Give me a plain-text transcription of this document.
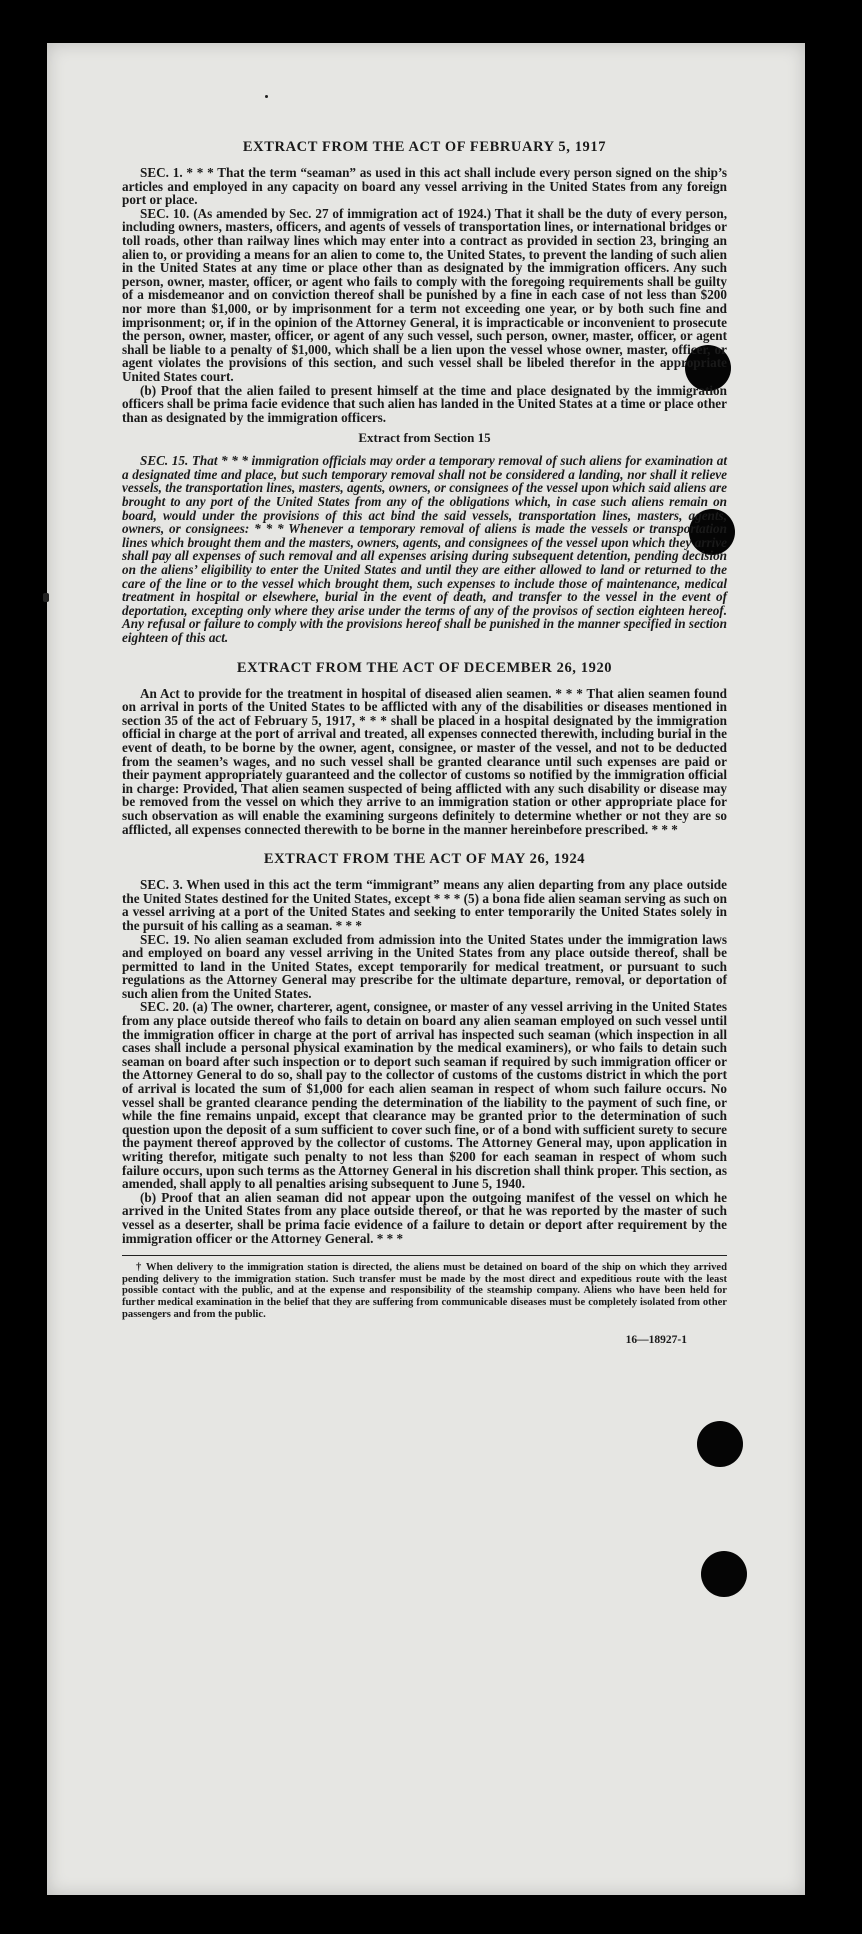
EXTRACT FROM THE ACT OF FEBRUARY 5, 1917

SEC. 1. * * * That the term “seaman” as used in this act shall include every person signed on the ship’s articles and employed in any capacity on board any vessel arriving in the United States from any foreign port or place.

SEC. 10. (As amended by Sec. 27 of immigration act of 1924.) That it shall be the duty of every person, including owners, masters, officers, and agents of vessels of transportation lines, or international bridges or toll roads, other than railway lines which may enter into a contract as provided in section 23, bringing an alien to, or providing a means for an alien to come to, the United States, to prevent the landing of such alien in the United States at any time or place other than as designated by the immigration officers. Any such person, owner, master, officer, or agent who fails to comply with the foregoing requirements shall be guilty of a misdemeanor and on conviction thereof shall be punished by a fine in each case of not less than $200 nor more than $1,000, or by imprisonment for a term not exceeding one year, or by both such fine and imprisonment; or, if in the opinion of the Attorney General, it is impracticable or inconvenient to prosecute the person, owner, master, officer, or agent of any such vessel, such person, owner, master, officer, or agent shall be liable to a penalty of $1,000, which shall be a lien upon the vessel whose owner, master, officer, or agent violates the provisions of this section, and such vessel shall be libeled therefor in the appropriate United States court.

(b) Proof that the alien failed to present himself at the time and place designated by the immigration officers shall be prima facie evidence that such alien has landed in the United States at a time or place other than as designated by the immigration officers.

Extract from Section 15

SEC. 15. That * * * immigration officials may order a temporary removal of such aliens for examination at a designated time and place, but such temporary removal shall not be considered a landing, nor shall it relieve vessels, the transportation lines, masters, agents, owners, or consignees of the vessel upon which said aliens are brought to any port of the United States from any of the obligations which, in case such aliens remain on board, would under the provisions of this act bind the said vessels, transportation lines, masters, agents, owners, or consignees: * * * Whenever a temporary removal of aliens is made the vessels or transportation lines which brought them and the masters, owners, agents, and consignees of the vessel upon which they arrive shall pay all expenses of such removal and all expenses arising during subsequent detention, pending decision on the aliens’ eligibility to enter the United States and until they are either allowed to land or returned to the care of the line or to the vessel which brought them, such expenses to include those of maintenance, medical treatment in hospital or elsewhere, burial in the event of death, and transfer to the vessel in the event of deportation, excepting only where they arise under the terms of any of the provisos of section eighteen hereof. Any refusal or failure to comply with the provisions hereof shall be punished in the manner specified in section eighteen of this act.

EXTRACT FROM THE ACT OF DECEMBER 26, 1920

An Act to provide for the treatment in hospital of diseased alien seamen. * * * That alien seamen found on arrival in ports of the United States to be afflicted with any of the disabilities or diseases mentioned in section 35 of the act of February 5, 1917, * * * shall be placed in a hospital designated by the immigration official in charge at the port of arrival and treated, all expenses connected therewith, including burial in the event of death, to be borne by the owner, agent, consignee, or master of the vessel, and not to be deducted from the seamen’s wages, and no such vessel shall be granted clearance until such expenses are paid or their payment appropriately guaranteed and the collector of customs so notified by the immigration official in charge: Provided, That alien seamen suspected of being afflicted with any such disability or disease may be removed from the vessel on which they arrive to an immigration station or other appropriate place for such observation as will enable the examining surgeons definitely to determine whether or not they are so afflicted, all expenses connected therewith to be borne in the manner hereinbefore prescribed. * * *

EXTRACT FROM THE ACT OF MAY 26, 1924

SEC. 3. When used in this act the term “immigrant” means any alien departing from any place outside the United States destined for the United States, except * * * (5) a bona fide alien seaman serving as such on a vessel arriving at a port of the United States and seeking to enter temporarily the United States solely in the pursuit of his calling as a seaman. * * *

SEC. 19. No alien seaman excluded from admission into the United States under the immigration laws and employed on board any vessel arriving in the United States from any place outside thereof, shall be permitted to land in the United States, except temporarily for medical treatment, or pursuant to such regulations as the Attorney General may prescribe for the ultimate departure, removal, or deportation of such alien from the United States.

SEC. 20. (a) The owner, charterer, agent, consignee, or master of any vessel arriving in the United States from any place outside thereof who fails to detain on board any alien seaman employed on such vessel until the immigration officer in charge at the port of arrival has inspected such seaman (which inspection in all cases shall include a personal physical examination by the medical examiners), or who fails to detain such seaman on board after such inspection or to deport such seaman if required by such immigration officer or the Attorney General to do so, shall pay to the collector of customs of the customs district in which the port of arrival is located the sum of $1,000 for each alien seaman in respect of whom such failure occurs. No vessel shall be granted clearance pending the determination of the liability to the payment of such fine, or while the fine remains unpaid, except that clearance may be granted prior to the determination of such question upon the deposit of a sum sufficient to cover such fine, or of a bond with sufficient surety to secure the payment thereof approved by the collector of customs. The Attorney General may, upon application in writing therefor, mitigate such penalty to not less than $200 for each seaman in respect of whom such failure occurs, upon such terms as the Attorney General in his discretion shall think proper. This section, as amended, shall apply to all penalties arising subsequent to June 5, 1940.

(b) Proof that an alien seaman did not appear upon the outgoing manifest of the vessel on which he arrived in the United States from any place outside thereof, or that he was reported by the master of such vessel as a deserter, shall be prima facie evidence of a failure to detain or deport after requirement by the immigration officer or the Attorney General. * * *

† When delivery to the immigration station is directed, the aliens must be detained on board of the ship on which they arrived pending delivery to the immigration station. Such transfer must be made by the most direct and expeditious route with the least possible contact with the public, and at the expense and responsibility of the steamship company. Aliens who have been held for further medical examination in the belief that they are suffering from communicable diseases must be completely isolated from other passengers and from the public.
16—18927-1
